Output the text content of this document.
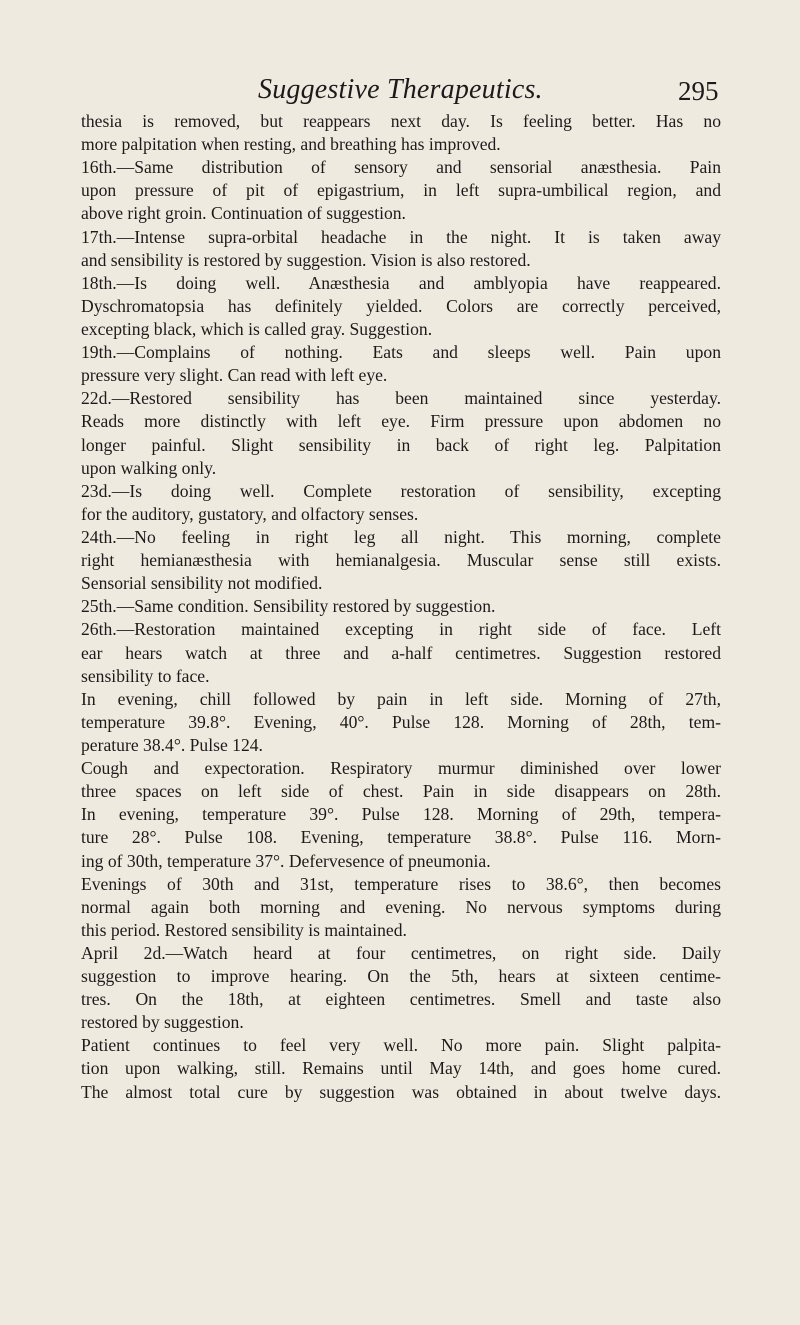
Suggestive Therapeutics.	295
thesia is removed, but reappears next day. Is feeling better. Has no
more palpitation when resting, and breathing has improved.
16th.—Same distribution of sensory and sensorial anæsthesia. Pain
upon pressure of pit of epigastrium, in left supra-umbilical region, and
above right groin. Continuation of suggestion.
17th.—Intense supra-orbital headache in the night. It is taken away
and sensibility is restored by suggestion. Vision is also restored.
18th.—Is doing well. Anæsthesia and amblyopia have reappeared.
Dyschromatopsia has definitely yielded. Colors are correctly perceived,
excepting black, which is called gray. Suggestion.
19th.—Complains of nothing. Eats and sleeps well. Pain upon
pressure very slight. Can read with left eye.
22d.—Restored sensibility has been maintained since yesterday.
Reads more distinctly with left eye. Firm pressure upon abdomen no
longer painful. Slight sensibility in back of right leg. Palpitation
upon walking only.
23d.—Is doing well. Complete restoration of sensibility, excepting
for the auditory, gustatory, and olfactory senses.
24th.—No feeling in right leg all night. This morning, complete
right hemianæsthesia with hemianalgesia. Muscular sense still exists.
Sensorial sensibility not modified.
25th.—Same condition. Sensibility restored by suggestion.
26th.—Restoration maintained excepting in right side of face. Left
ear hears watch at three and a-half centimetres. Suggestion restored
sensibility to face.
In evening, chill followed by pain in left side. Morning of 27th,
temperature 39.8°. Evening, 40°. Pulse 128. Morning of 28th, tem-
perature 38.4°. Pulse 124.
Cough and expectoration. Respiratory murmur diminished over lower
three spaces on left side of chest. Pain in side disappears on 28th.
In evening, temperature 39°. Pulse 128. Morning of 29th, tempera-
ture 28°. Pulse 108. Evening, temperature 38.8°. Pulse 116. Morn-
ing of 30th, temperature 37°. Defervesence of pneumonia.
Evenings of 30th and 31st, temperature rises to 38.6°, then becomes
normal again both morning and evening. No nervous symptoms during
this period. Restored sensibility is maintained.
April 2d.—Watch heard at four centimetres, on right side. Daily
suggestion to improve hearing. On the 5th, hears at sixteen centime-
tres. On the 18th, at eighteen centimetres. Smell and taste also
restored by suggestion.
Patient continues to feel very well. No more pain. Slight palpita-
tion upon walking, still. Remains until May 14th, and goes home cured.
The almost total cure by suggestion was obtained in about twelve days.
